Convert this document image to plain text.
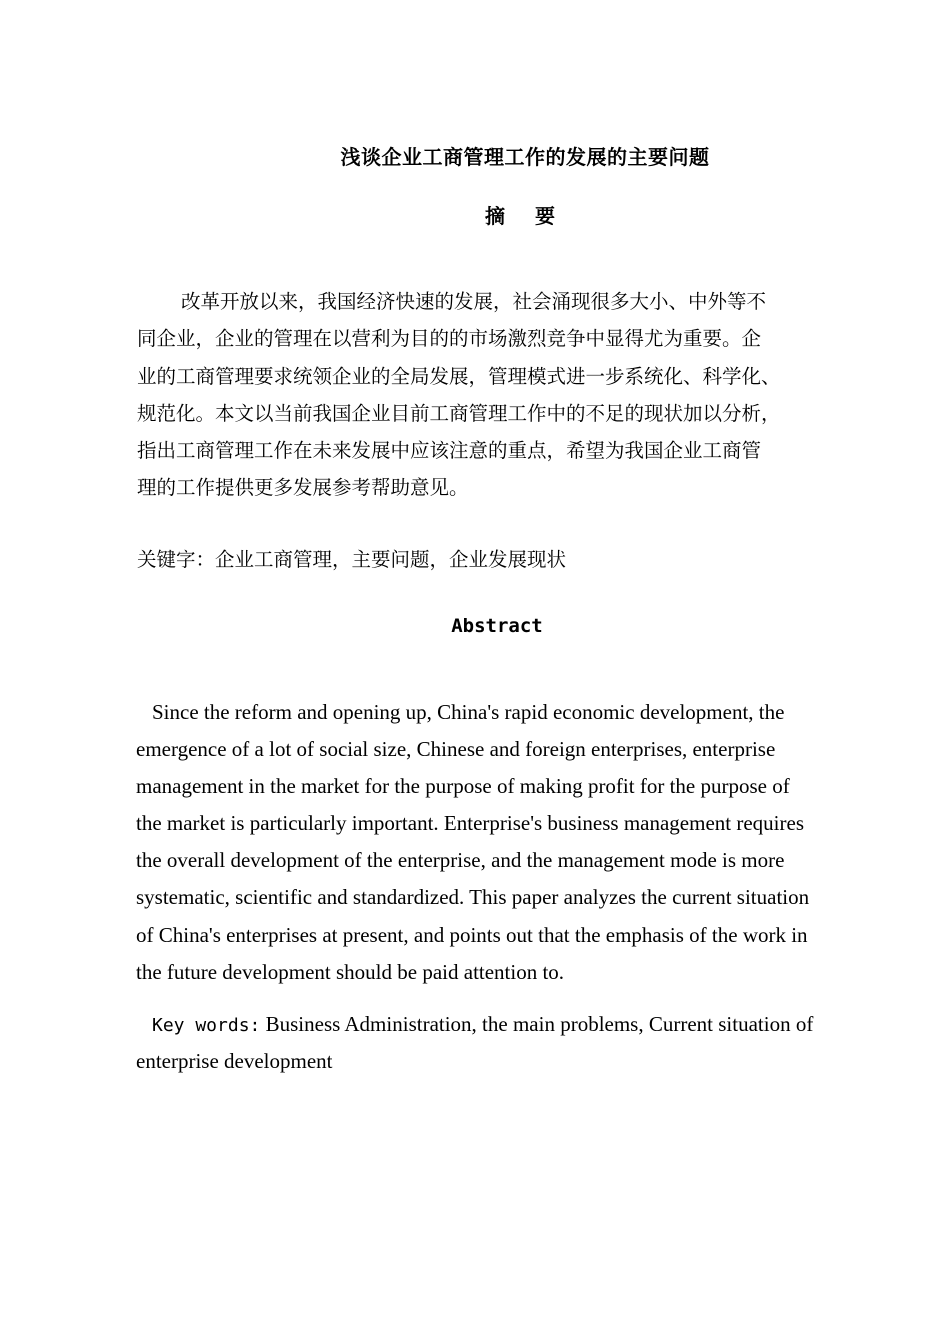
浅谈企业工商管理工作的发展的主要问题
摘要
改革开放以来，我国经济快速的发展，社会涌现很多大小、中外等不
同企业，企业的管理在以营利为目的的市场激烈竞争中显得尤为重要。企
业的工商管理要求统领企业的全局发展，管理模式进一步系统化、科学化、
规范化。本文以当前我国企业目前工商管理工作中的不足的现状加以分析，
指出工商管理工作在未来发展中应该注意的重点，希望为我国企业工商管
理的工作提供更多发展参考帮助意见。
关键字：企业工商管理，主要问题，企业发展现状
Abstract
Since the reform and opening up, China's rapid economic development, the
emergence of a lot of social size, Chinese and foreign enterprises, enterprise
management in the market for the purpose of making profit for the purpose of
the market is particularly important. Enterprise's business management requires
the overall development of the enterprise, and the management mode is more
systematic, scientific and standardized. This paper analyzes the current situation
of China's enterprises at present, and points out that the emphasis of the work in
the future development should be paid attention to.
Key words: Business Administration, the main problems, Current situation of
enterprise development
